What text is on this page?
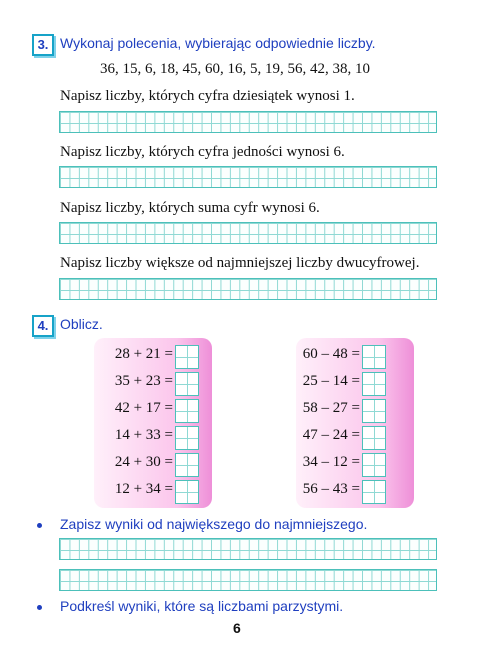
3. Wykonaj polecenia, wybierając odpowiednie liczby.
36, 15, 6, 18, 45, 60, 16, 5, 19, 56, 42, 38, 10
Napisz liczby, których cyfra dziesiątek wynosi 1.
Napisz liczby, których cyfra jedności wynosi 6.
Napisz liczby, których suma cyfr wynosi 6.
Napisz liczby większe od najmniejszej liczby dwucyfrowej.
4. Oblicz.
28 + 21 =
35 + 23 =
42 + 17 =
14 + 33 =
24 + 30 =
12 + 34 =
60 – 48 =
25 – 14 =
58 – 27 =
47 – 24 =
34 – 12 =
56 – 43 =
Zapisz wyniki od największego do najmniejszego.
Podkreśl wyniki, które są liczbami parzystymi.
6
